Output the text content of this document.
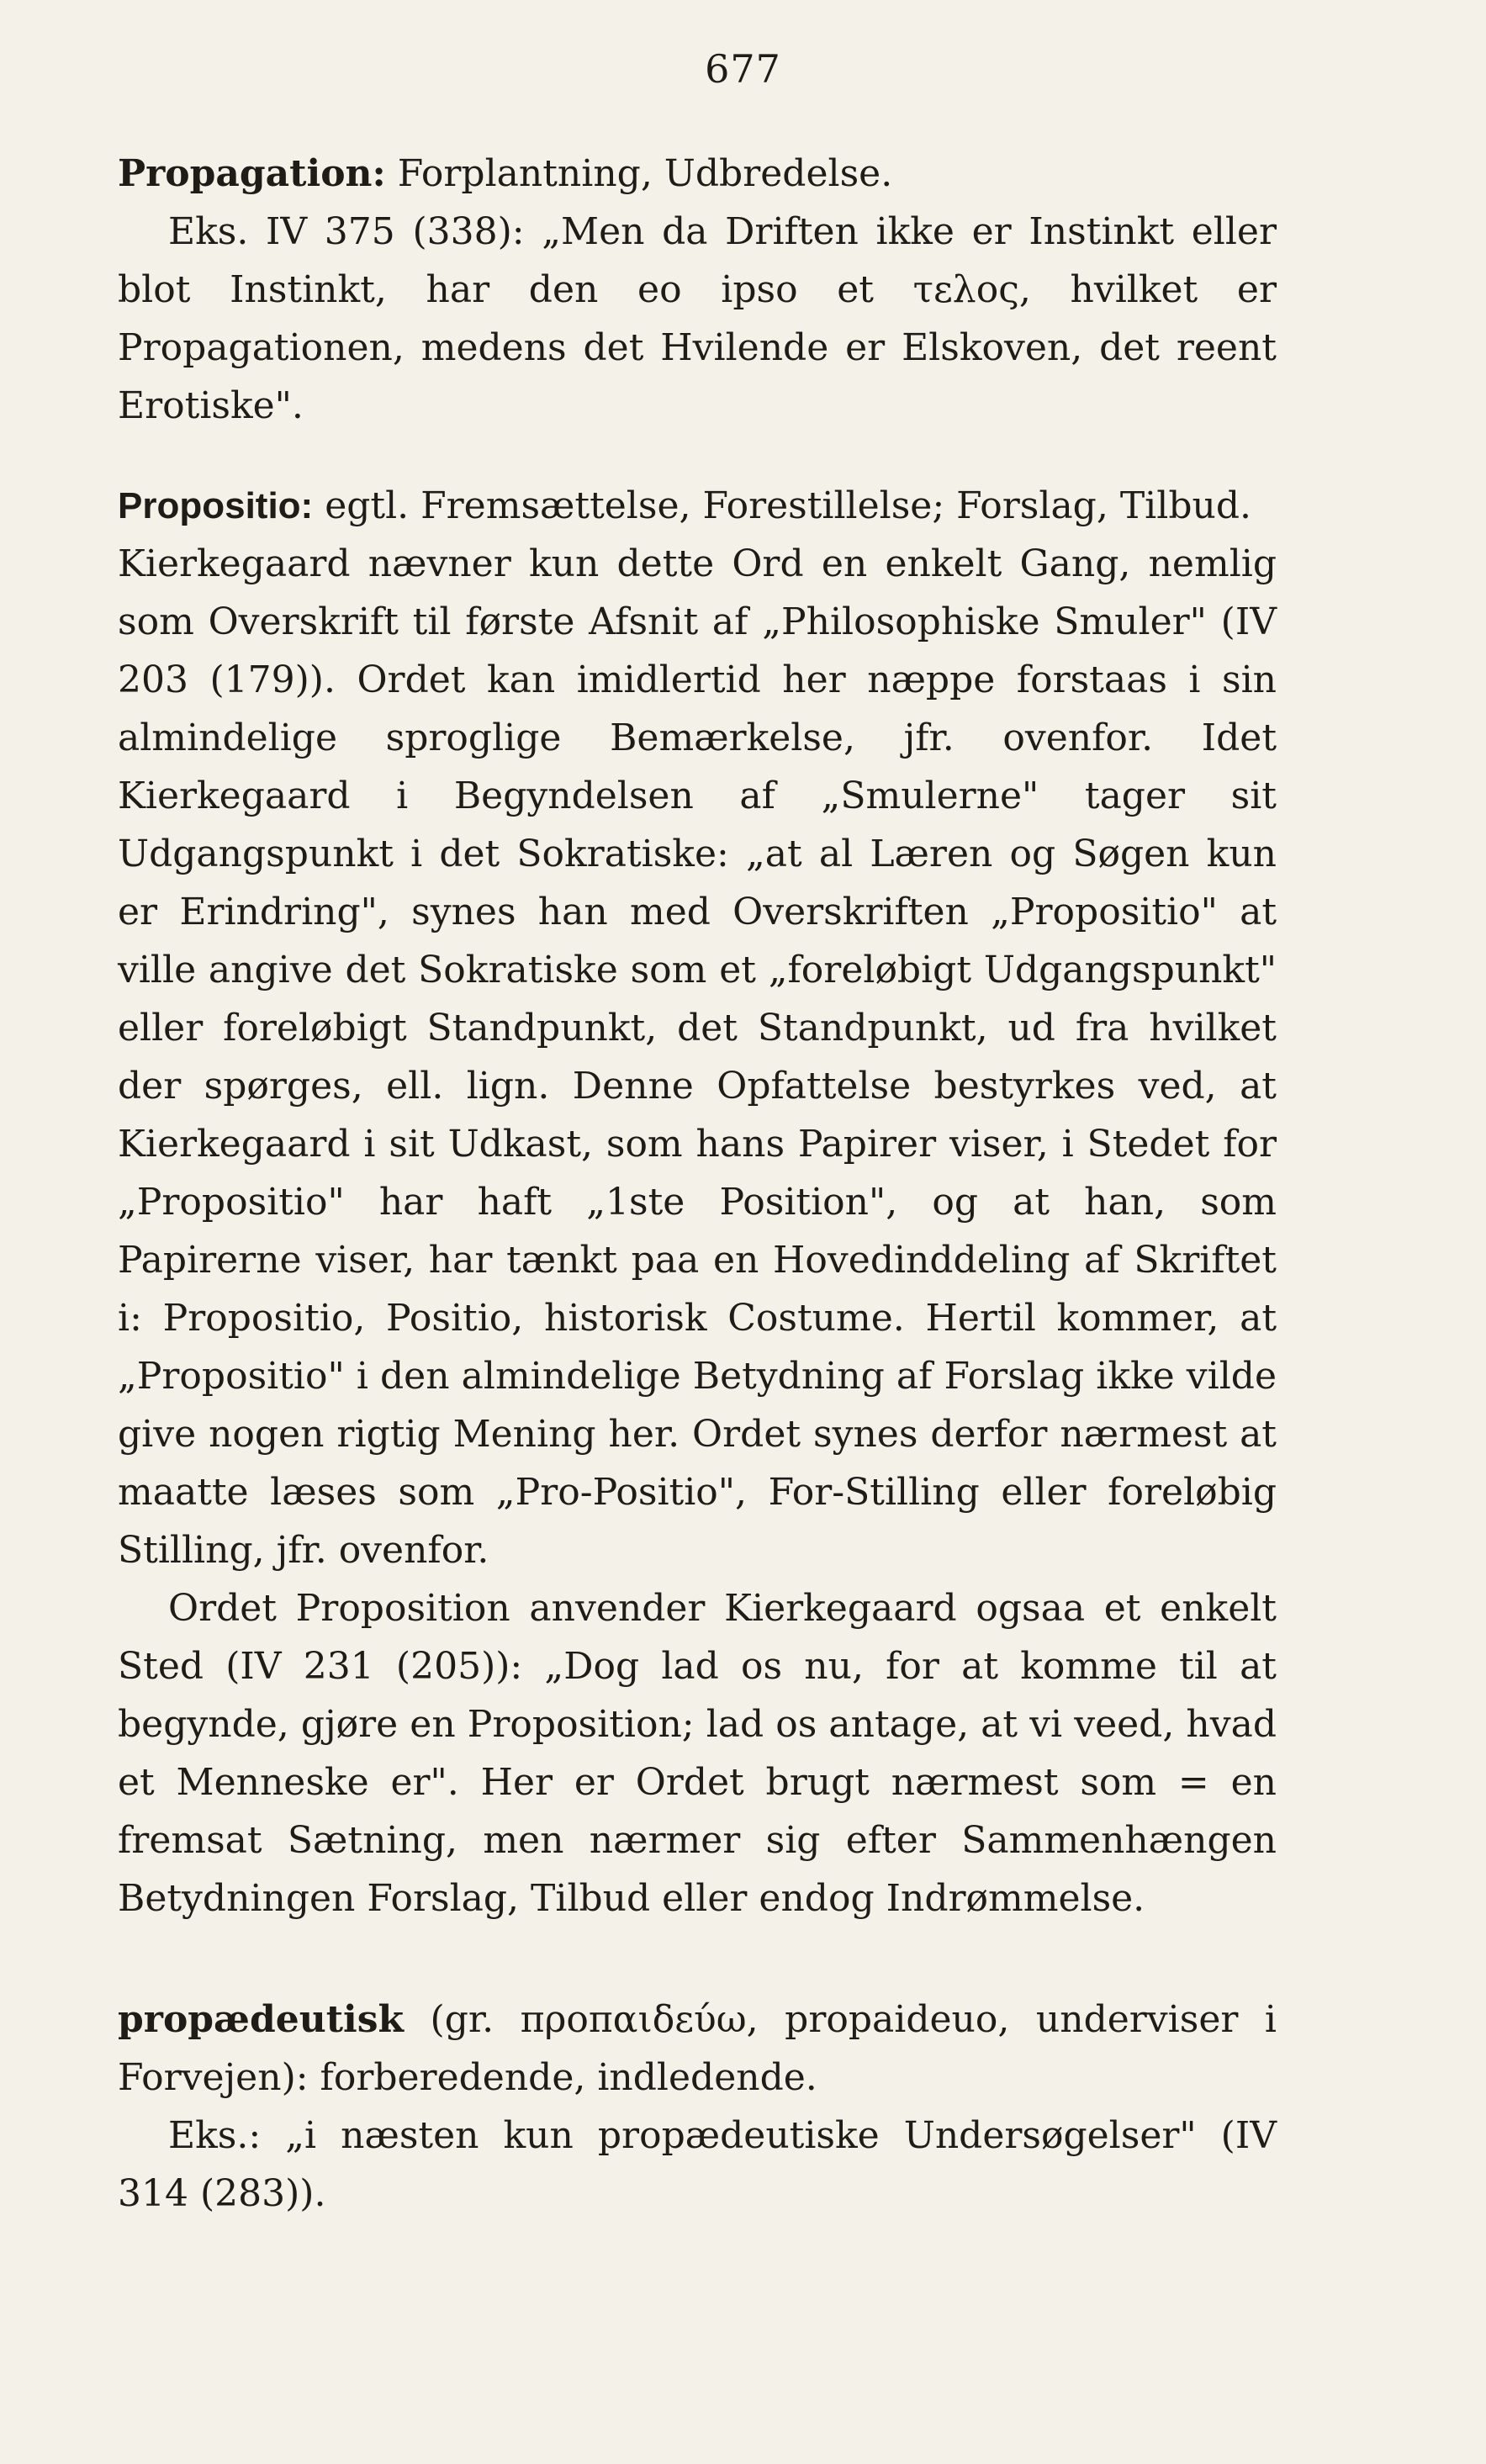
677

Propagation: Forplantning, Udbredelse.

Eks. IV 375 (338): „Men da Driften ikke er Instinkt eller blot Instinkt, har den eo ipso et τελος, hvilket er Propagationen, medens det Hvilende er Elskoven, det reent Erotiske".

Propositio: egtl. Fremsættelse, Forestillelse; Forslag, Tilbud.

Kierkegaard nævner kun dette Ord en enkelt Gang, nemlig som Overskrift til første Afsnit af „Philosophiske Smuler" (IV 203 (179)). Ordet kan imidlertid her næppe forstaas i sin almindelige sproglige Bemærkelse, jfr. ovenfor. Idet Kierkegaard i Begyndelsen af „Smulerne" tager sit Udgangspunkt i det Sokratiske: „at al Læren og Søgen kun er Erindring", synes han med Overskriften „Propositio" at ville angive det Sokratiske som et „foreløbigt Udgangspunkt" eller foreløbigt Standpunkt, det Standpunkt, ud fra hvilket der spørges, ell. lign. Denne Opfattelse bestyrkes ved, at Kierkegaard i sit Udkast, som hans Papirer viser, i Stedet for „Propositio" har haft „1ste Position", og at han, som Papirerne viser, har tænkt paa en Hovedinddeling af Skriftet i: Propositio, Positio, historisk Costume. Hertil kommer, at „Propositio" i den almindelige Betydning af Forslag ikke vilde give nogen rigtig Mening her. Ordet synes derfor nærmest at maatte læses som „Pro-Positio", For-Stilling eller foreløbig Stilling, jfr. ovenfor.

Ordet Proposition anvender Kierkegaard ogsaa et enkelt Sted (IV 231 (205)): „Dog lad os nu, for at komme til at begynde, gjøre en Proposition; lad os antage, at vi veed, hvad et Menneske er". Her er Ordet brugt nærmest som = en fremsat Sætning, men nærmer sig efter Sammenhængen Betydningen Forslag, Tilbud eller endog Indrømmelse.

propædeutisk (gr. προπαιδεύω, propaideuo, underviser i Forvejen): forberedende, indledende.

Eks.: „i næsten kun propædeutiske Undersøgelser" (IV 314 (283)).
